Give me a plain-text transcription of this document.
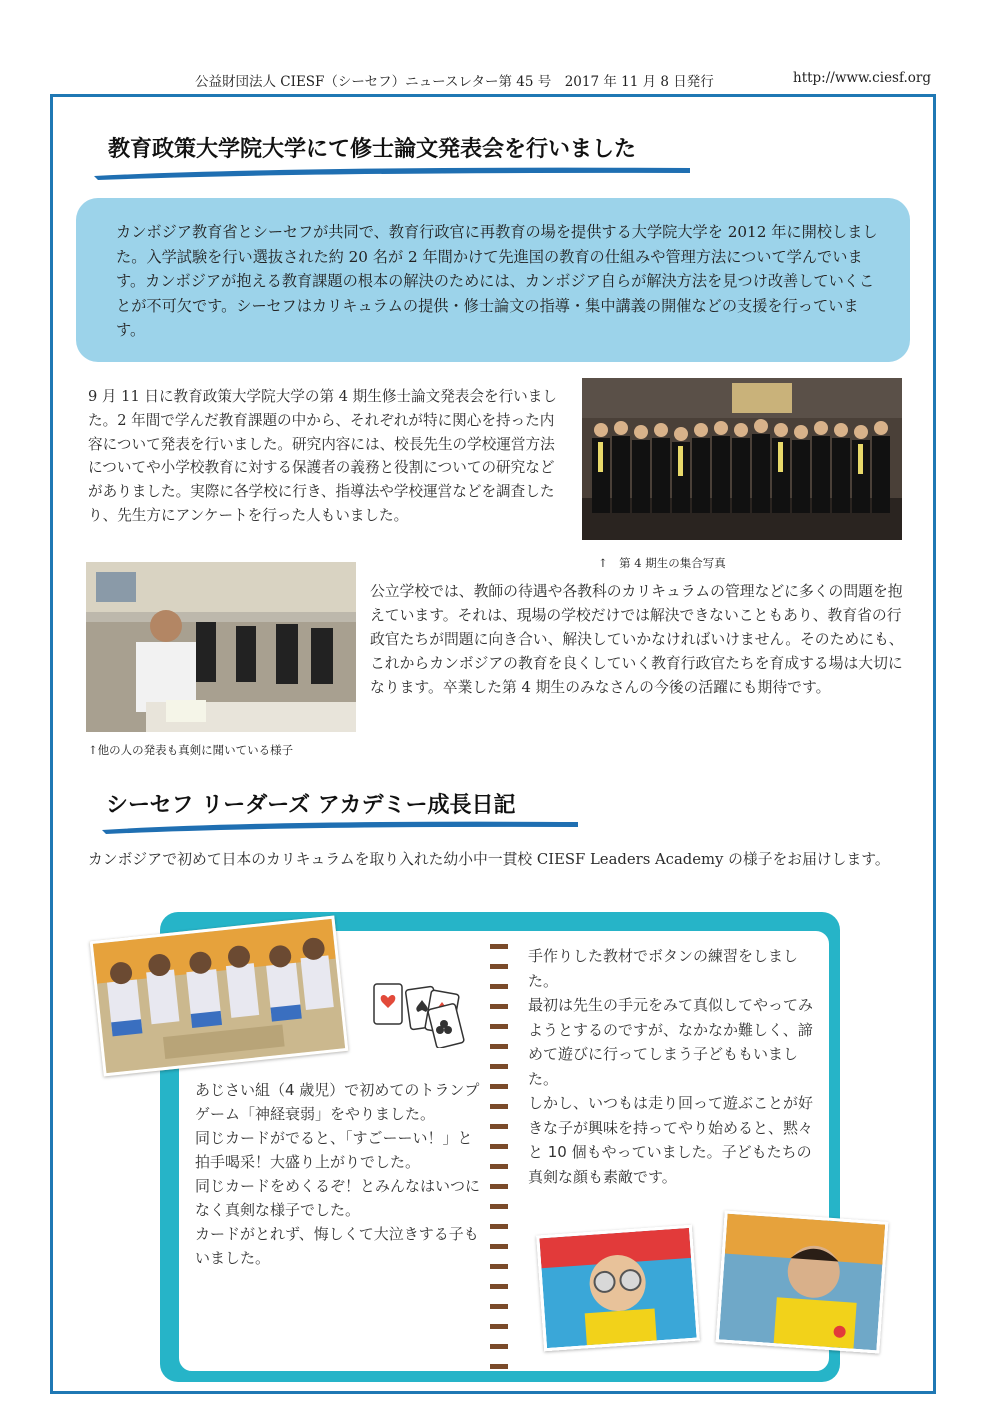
公益財団法人 CIESF（シーセフ）ニュースレター第 45 号　2017 年 11 月 8 日発行	http://www.ciesf.org
教育政策大学院大学にて修士論文発表会を行いました
カンボジア教育省とシーセフが共同で、教育行政官に再教育の場を提供する大学院大学を 2012 年に開校しました。入学試験を行い選抜された約 20 名が 2 年間かけて先進国の教育の仕組みや管理方法について学んでいます。カンボジアが抱える教育課題の根本の解決のためには、カンボジア自らが解決方法を見つけ改善していくことが不可欠です。シーセフはカリキュラムの提供・修士論文の指導・集中講義の開催などの支援を行っています。
9 月 11 日に教育政策大学院大学の第 4 期生修士論文発表会を行いました。2 年間で学んだ教育課題の中から、それぞれが特に関心を持った内容について発表を行いました。研究内容には、校長先生の学校運営方法についてや小学校教育に対する保護者の義務と役割についての研究などがありました。実際に各学校に行き、指導法や学校運営などを調査したり、先生方にアンケートを行った人もいました。
↑　第 4 期生の集合写真
↑他の人の発表も真剣に聞いている様子
公立学校では、教師の待遇や各教科のカリキュラムの管理などに多くの問題を抱えています。それは、現場の学校だけでは解決できないこともあり、教育省の行政官たちが問題に向き合い、解決していかなければいけません。そのためにも、これからカンボジアの教育を良くしていく教育行政官たちを育成する場は大切になります。卒業した第 4 期生のみなさんの今後の活躍にも期待です。
シーセフ リーダーズ アカデミー成長日記
カンボジアで初めて日本のカリキュラムを取り入れた幼小中一貫校 CIESF Leaders Academy の様子をお届けします。
あじさい組（4 歳児）で初めてのトランプゲーム「神経衰弱」をやりました。
同じカードがでると、「すごーーい！」と拍手喝采！大盛り上がりでした。
同じカードをめくるぞ！とみんなはいつになく真剣な様子でした。
カードがとれず、悔しくて大泣きする子もいました。
手作りした教材でボタンの練習をしました。
最初は先生の手元をみて真似してやってみようとするのですが、なかなか難しく、諦めて遊びに行ってしまう子どももいました。
しかし、いつもは走り回って遊ぶことが好きな子が興味を持ってやり始めると、黙々と 10 個もやっていました。子どもたちの真剣な顔も素敵です。
